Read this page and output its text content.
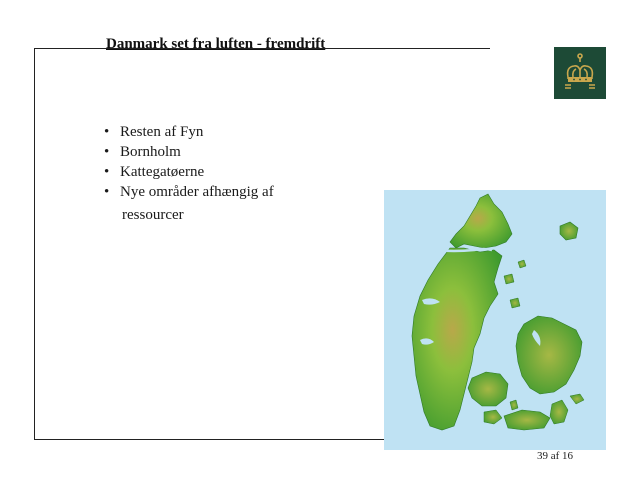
Danmark set fra luften - fremdrift
• Resten af Fyn
• Bornholm
• Kattegatøerne
• Nye områder afhængig af
ressourcer
39 af 16
